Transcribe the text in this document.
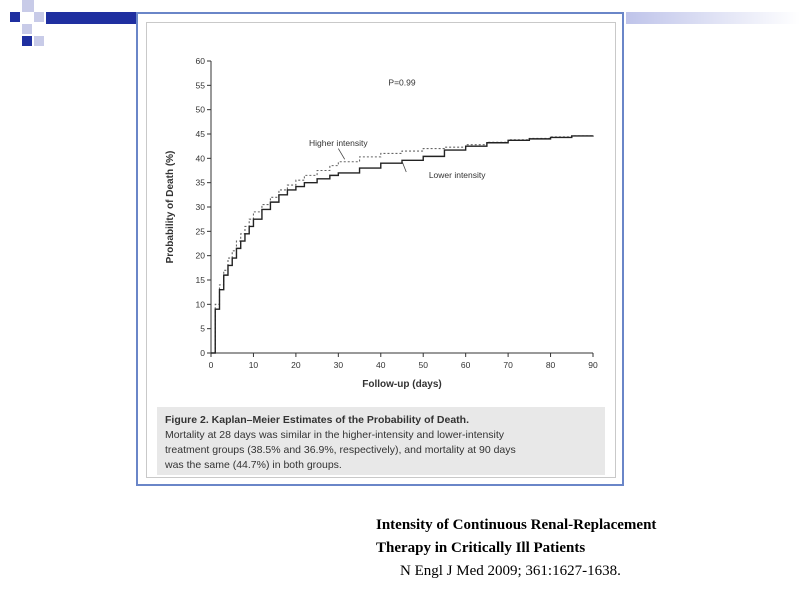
0
5
10
15
20
25
30
35
40
45
50
55
60
0	10	20	30	40	50	60	70	80	90
Follow-up (days)
Probability of Death (%)
P=0.99
Higher intensity
Lower intensity
Figure 2. Kaplan–Meier Estimates of the Probability of Death.
Mortality at 28 days was similar in the higher-intensity and lower-intensity
treatment groups (38.5% and 36.9%, respectively), and mortality at 90 days
was the same (44.7%) in both groups.
Intensity of Continuous Renal-Replacement
Therapy in Critically Ill Patients
N Engl J Med 2009; 361:1627-1638.
